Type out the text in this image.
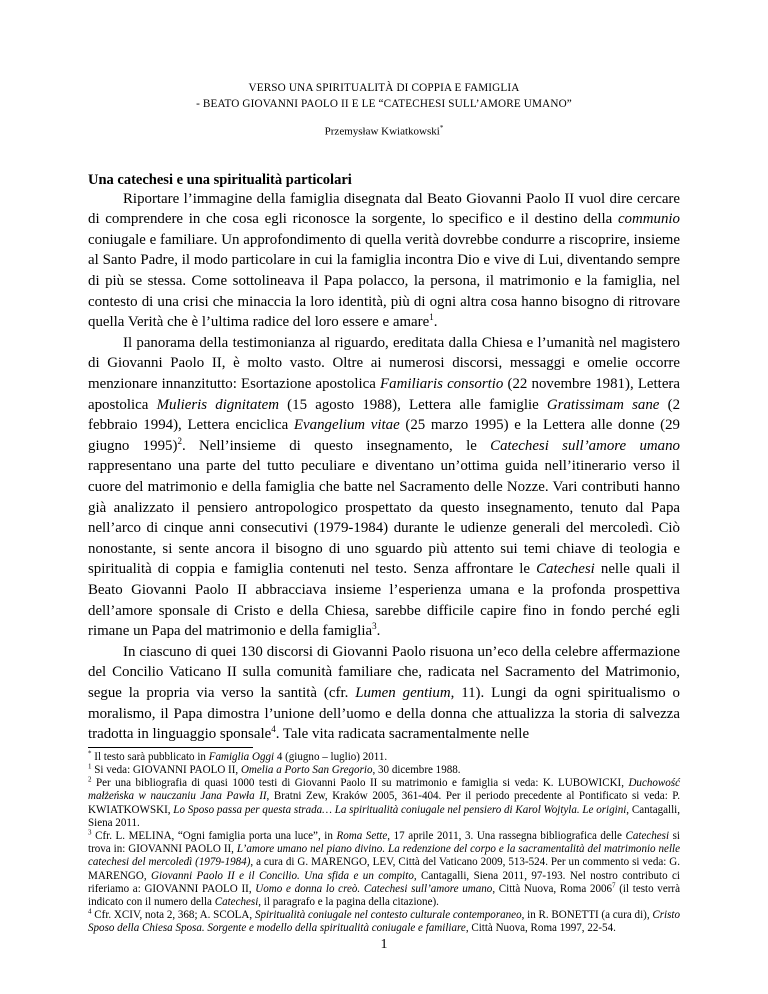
VERSO UNA SPIRITUALITÀ DI COPPIA E FAMIGLIA

- BEATO GIOVANNI PAOLO II E LE “CATECHESI SULL’AMORE UMANO”

Przemysław Kwiatkowski*
Una catechesi e una spiritualità particolari

Riportare l’immagine della famiglia disegnata dal Beato Giovanni Paolo II vuol dire cercare di comprendere in che cosa egli riconosce la sorgente, lo specifico e il destino della communio coniugale e familiare. Un approfondimento di quella verità dovrebbe condurre a riscoprire, insieme al Santo Padre, il modo particolare in cui la famiglia incontra Dio e vive di Lui, diventando sempre di più se stessa. Come sottolineava il Papa polacco, la persona, il matrimonio e la famiglia, nel contesto di una crisi che minaccia la loro identità, più di ogni altra cosa hanno bisogno di ritrovare quella Verità che è l’ultima radice del loro essere e amare$^1$.

Il panorama della testimonianza al riguardo, ereditata dalla Chiesa e l’umanità nel magistero di Giovanni Paolo II, è molto vasto. Oltre ai numerosi discorsi, messaggi e omelie occorre menzionare innanzitutto: Esortazione apostolica Familiaris consortio (22 novembre 1981), Lettera apostolica Mulieris dignitatem (15 agosto 1988), Lettera alle famiglie Gratissimam sane (2 febbraio 1994), Lettera enciclica Evangelium vitae (25 marzo 1995) e la Lettera alle donne (29 giugno 1995)$^2$. Nell’insieme di questo insegnamento, le Catechesi sull’amore umano rappresentano una parte del tutto peculiare e diventano un’ottima guida nell’itinerario verso il cuore del matrimonio e della famiglia che batte nel Sacramento delle Nozze. Vari contributi hanno già analizzato il pensiero antropologico prospettato da questo insegnamento, tenuto dal Papa nell’arco di cinque anni consecutivi (1979-1984) durante le udienze generali del mercoledì. Ciò nonostante, si sente ancora il bisogno di uno sguardo più attento sui temi chiave di teologia e spiritualità di coppia e famiglia contenuti nel testo. Senza affrontare le Catechesi nelle quali il Beato Giovanni Paolo II abbracciava insieme l’esperienza umana e la profonda prospettiva dell’amore sponsale di Cristo e della Chiesa, sarebbe difficile capire fino in fondo perché egli rimane un Papa del matrimonio e della famiglia$^3$.

In ciascuno di quei 130 discorsi di Giovanni Paolo risuona un’eco della celebre affermazione del Concilio Vaticano II sulla comunità familiare che, radicata nel Sacramento del Matrimonio, segue la propria via verso la santità (cfr. Lumen gentium, 11). Lungi da ogni spiritualismo o moralismo, il Papa dimostra l’unione dell’uomo e della donna che attualizza la storia di salvezza tradotta in linguaggio sponsale$^4$. Tale vita radicata sacramentalmente nelle

* Il testo sarà pubblicato in Famiglia Oggi 4 (giugno – luglio) 2011.

$^1$ Si veda: GIOVANNI PAOLO II, Omelia a Porto San Gregorio, 30 dicembre 1988.

$^2$ Per una bibliografia di quasi 1000 testi di Giovanni Paolo II su matrimonio e famiglia si veda: K. LUBOWICKI, Duchowość małżeńska w nauczaniu Jana Pawła II, Bratni Zew, Kraków 2005, 361-404. Per il periodo precedente al Pontificato si veda: P. KWIATKOWSKI, Lo Sposo passa per questa strada… La spiritualità coniugale nel pensiero di Karol Wojtyla. Le origini, Cantagalli, Siena 2011.

$^3$ Cfr. L. MELINA, “Ogni famiglia porta una luce”, in Roma Sette, 17 aprile 2011, 3. Una rassegna bibliografica delle Catechesi si trova in: GIOVANNI PAOLO II, L’amore umano nel piano divino. La redenzione del corpo e la sacramentalità del matrimonio nelle catechesi del mercoledì (1979-1984), a cura di G. MARENGO, LEV, Città del Vaticano 2009, 513-524. Per un commento si veda: G. MARENGO, Giovanni Paolo II e il Concilio. Una sfida e un compito, Cantagalli, Siena 2011, 97-193. Nel nostro contributo ci riferiamo a: GIOVANNI PAOLO II, Uomo e donna lo creò. Catechesi sull’amore umano, Città Nuova, Roma 2006$^7$ (il testo verrà indicato con il numero della Catechesi, il paragrafo e la pagina della citazione).

$^4$ Cfr. XCIV, nota 2, 368; A. SCOLA, Spiritualità coniugale nel contesto culturale contemporaneo, in R. BONETTI (a cura di), Cristo Sposo della Chiesa Sposa. Sorgente e modello della spiritualità coniugale e familiare, Città Nuova, Roma 1997, 22-54.

1
